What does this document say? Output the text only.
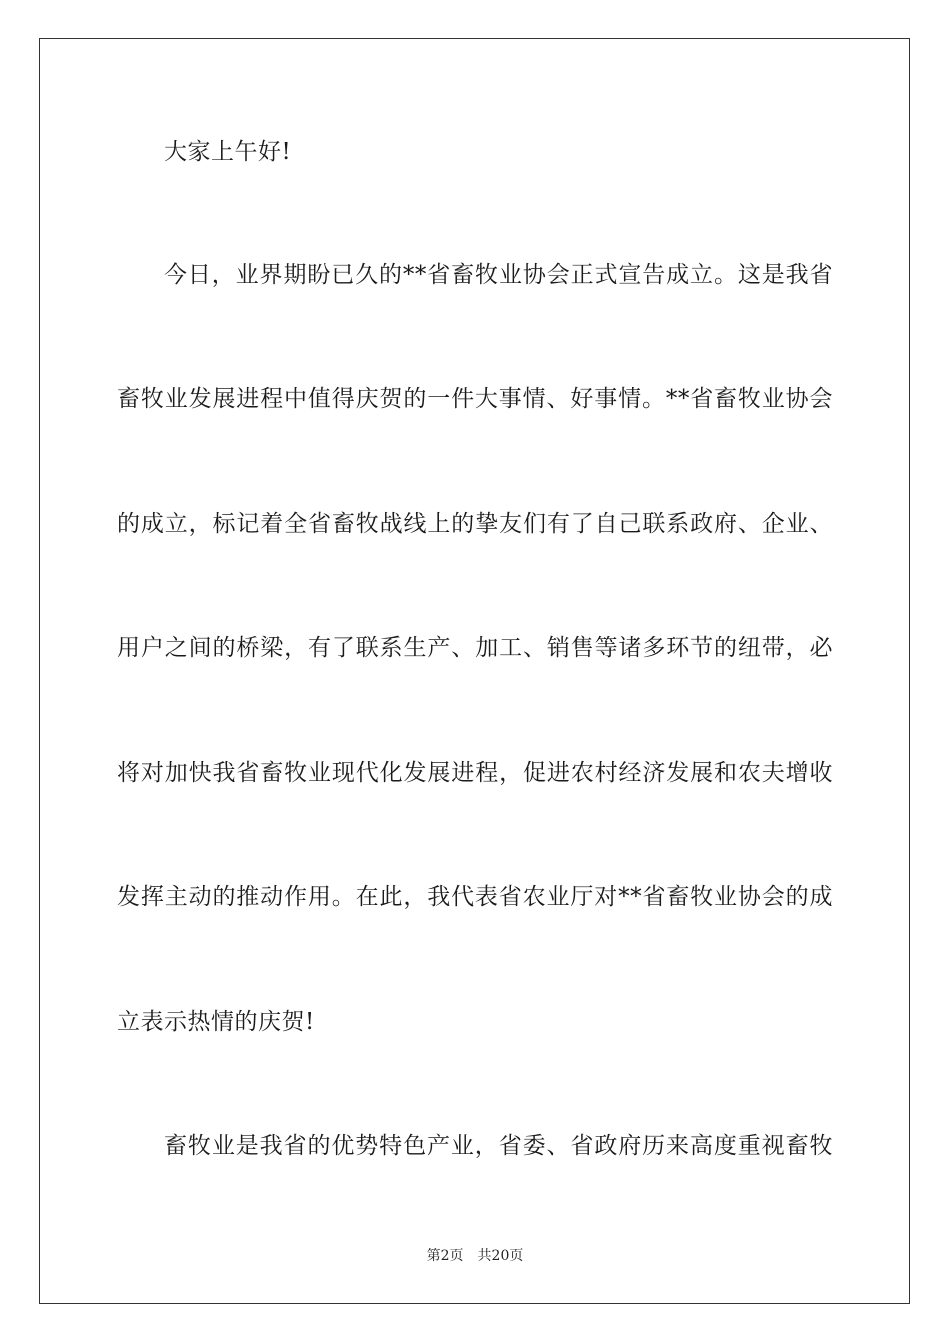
大家上午好!
今日，业界期盼已久的**省畜牧业协会正式宣告成立。这是我省
畜牧业发展进程中值得庆贺的一件大事情、好事情。**省畜牧业协会
的成立，标记着全省畜牧战线上的挚友们有了自己联系政府、企业、
用户之间的桥梁，有了联系生产、加工、销售等诸多环节的纽带，必
将对加快我省畜牧业现代化发展进程，促进农村经济发展和农夫增收
发挥主动的推动作用。在此，我代表省农业厅对**省畜牧业协会的成
立表示热情的庆贺!
畜牧业是我省的优势特色产业，省委、省政府历来高度重视畜牧
第2页 共20页
